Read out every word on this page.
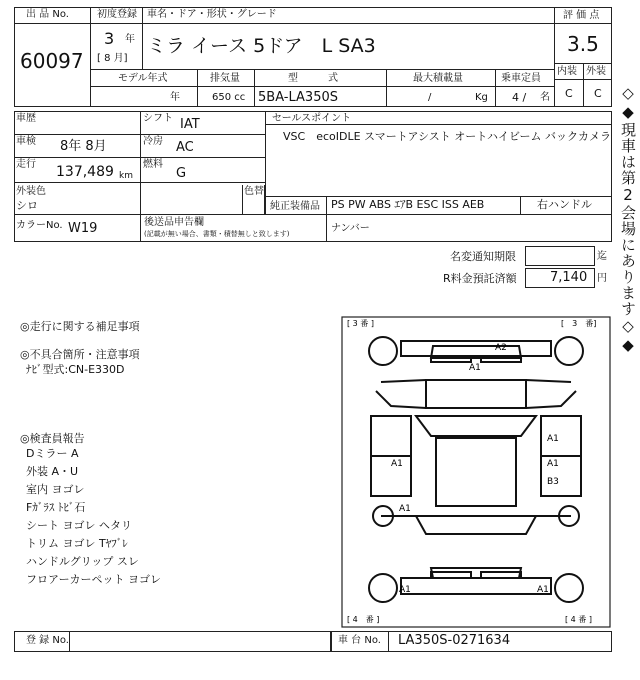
出 品 No.
60097
初度登録
3 年
[ 8 月]
車名・ドア・形状・グレード
ミラ イース 5ドア　L SA3
評 価 点
3.5
内装 外装
C C
モデル年式
年
排気量
650 cc
型　　　式
5BA-LA350S
最大積載量
/	Kg
乗車定員
4 / 名
車歴
車検 8年 8月
走行 137,489 km
シフト IAT
冷房 AC
燃料
G
セールスポイント
VSC　ecoIDLE スマートアシスト オートハイビーム バックカメラ
外装色
シロ
色替
純正装備品 PS PW ABS ｴｱB ESC ISS AEB	右ハンドル
カラーNo. W19	後送品申告欄
(記載が無い場合、書類・積替無しと致します)	ナンバー
名変通知期限	迄
R料金預託済額	7,140 円
◎走行に関する補足事項
◎不具合箇所・注意事項
ﾅﾋﾞ型式:CN-E330D
◎検査員報告
Dミラー A
外装 A・U
室内 ヨゴレ
Fｶﾞﾗｽ ﾄﾋﾞ石
シート ヨゴレ ヘタリ
トリム ヨゴレ Tﾔﾌﾞﾚ
ハンドルグリップ スレ
フロアーカーペット ヨゴレ
[ 3 番 ]	[　3　番]
[ 4　番 ]	[ 4 番 ]
A2
A1
A1
A1	A1
B3
A1
A1	A1
◇◆現車は第2会場にあります◇◆
登 録 No.	車 台 No. LA350S-0271634
